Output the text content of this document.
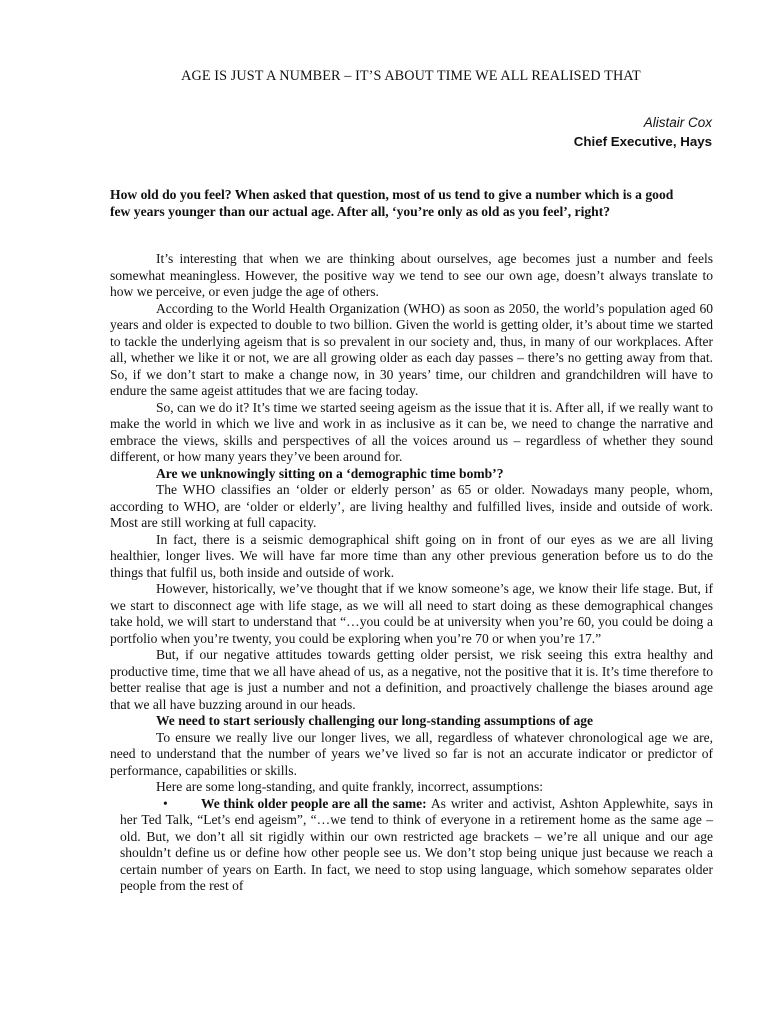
AGE IS JUST A NUMBER – IT’S ABOUT TIME WE ALL REALISED THAT
Alistair Cox
Chief Executive, Hays

How old do you feel? When asked that question, most of us tend to give a number which is a good few years younger than our actual age. After all, ‘you’re only as old as you feel’, right?

It’s interesting that when we are thinking about ourselves, age becomes just a number and feels somewhat meaningless. However, the positive way we tend to see our own age, doesn’t always translate to how we perceive, or even judge the age of others.

According to the World Health Organization (WHO) as soon as 2050, the world’s population aged 60 years and older is expected to double to two billion. Given the world is getting older, it’s about time we started to tackle the underlying ageism that is so prevalent in our society and, thus, in many of our workplaces. After all, whether we like it or not, we are all growing older as each day passes – there’s no getting away from that. So, if we don’t start to make a change now, in 30 years’ time, our children and grandchildren will have to endure the same ageist attitudes that we are facing today.

So, can we do it? It’s time we started seeing ageism as the issue that it is. After all, if we really want to make the world in which we live and work in as inclusive as it can be, we need to change the narrative and embrace the views, skills and perspectives of all the voices around us – regardless of whether they sound different, or how many years they’ve been around for.

Are we unknowingly sitting on a ‘demographic time bomb’?

The WHO classifies an ‘older or elderly person’ as 65 or older. Nowadays many people, whom, according to WHO, are ‘older or elderly’, are living healthy and fulfilled lives, inside and outside of work. Most are still working at full capacity.

In fact, there is a seismic demographical shift going on in front of our eyes as we are all living healthier, longer lives. We will have far more time than any other previous generation before us to do the things that fulfil us, both inside and outside of work.

However, historically, we’ve thought that if we know someone’s age, we know their life stage. But, if we start to disconnect age with life stage, as we will all need to start doing as these demographical changes take hold, we will start to understand that “…you could be at university when you’re 60, you could be doing a portfolio when you’re twenty, you could be exploring when you’re 70 or when you’re 17.”

But, if our negative attitudes towards getting older persist, we risk seeing this extra healthy and productive time, time that we all have ahead of us, as a negative, not the positive that it is. It’s time therefore to better realise that age is just a number and not a definition, and proactively challenge the biases around age that we all have buzzing around in our heads.

We need to start seriously challenging our long-standing assumptions of age

To ensure we really live our longer lives, we all, regardless of whatever chronological age we are, need to understand that the number of years we’ve lived so far is not an accurate indicator or predictor of performance, capabilities or skills.

Here are some long-standing, and quite frankly, incorrect, assumptions:

• We think older people are all the same: As writer and activist, Ashton Applewhite, says in her Ted Talk, “Let’s end ageism”, “…we tend to think of everyone in a retirement home as the same age – old. But, we don’t all sit rigidly within our own restricted age brackets – we’re all unique and our age shouldn’t define us or define how other people see us. We don’t stop being unique just because we reach a certain number of years on Earth. In fact, we need to stop using language, which somehow separates older people from the rest of
